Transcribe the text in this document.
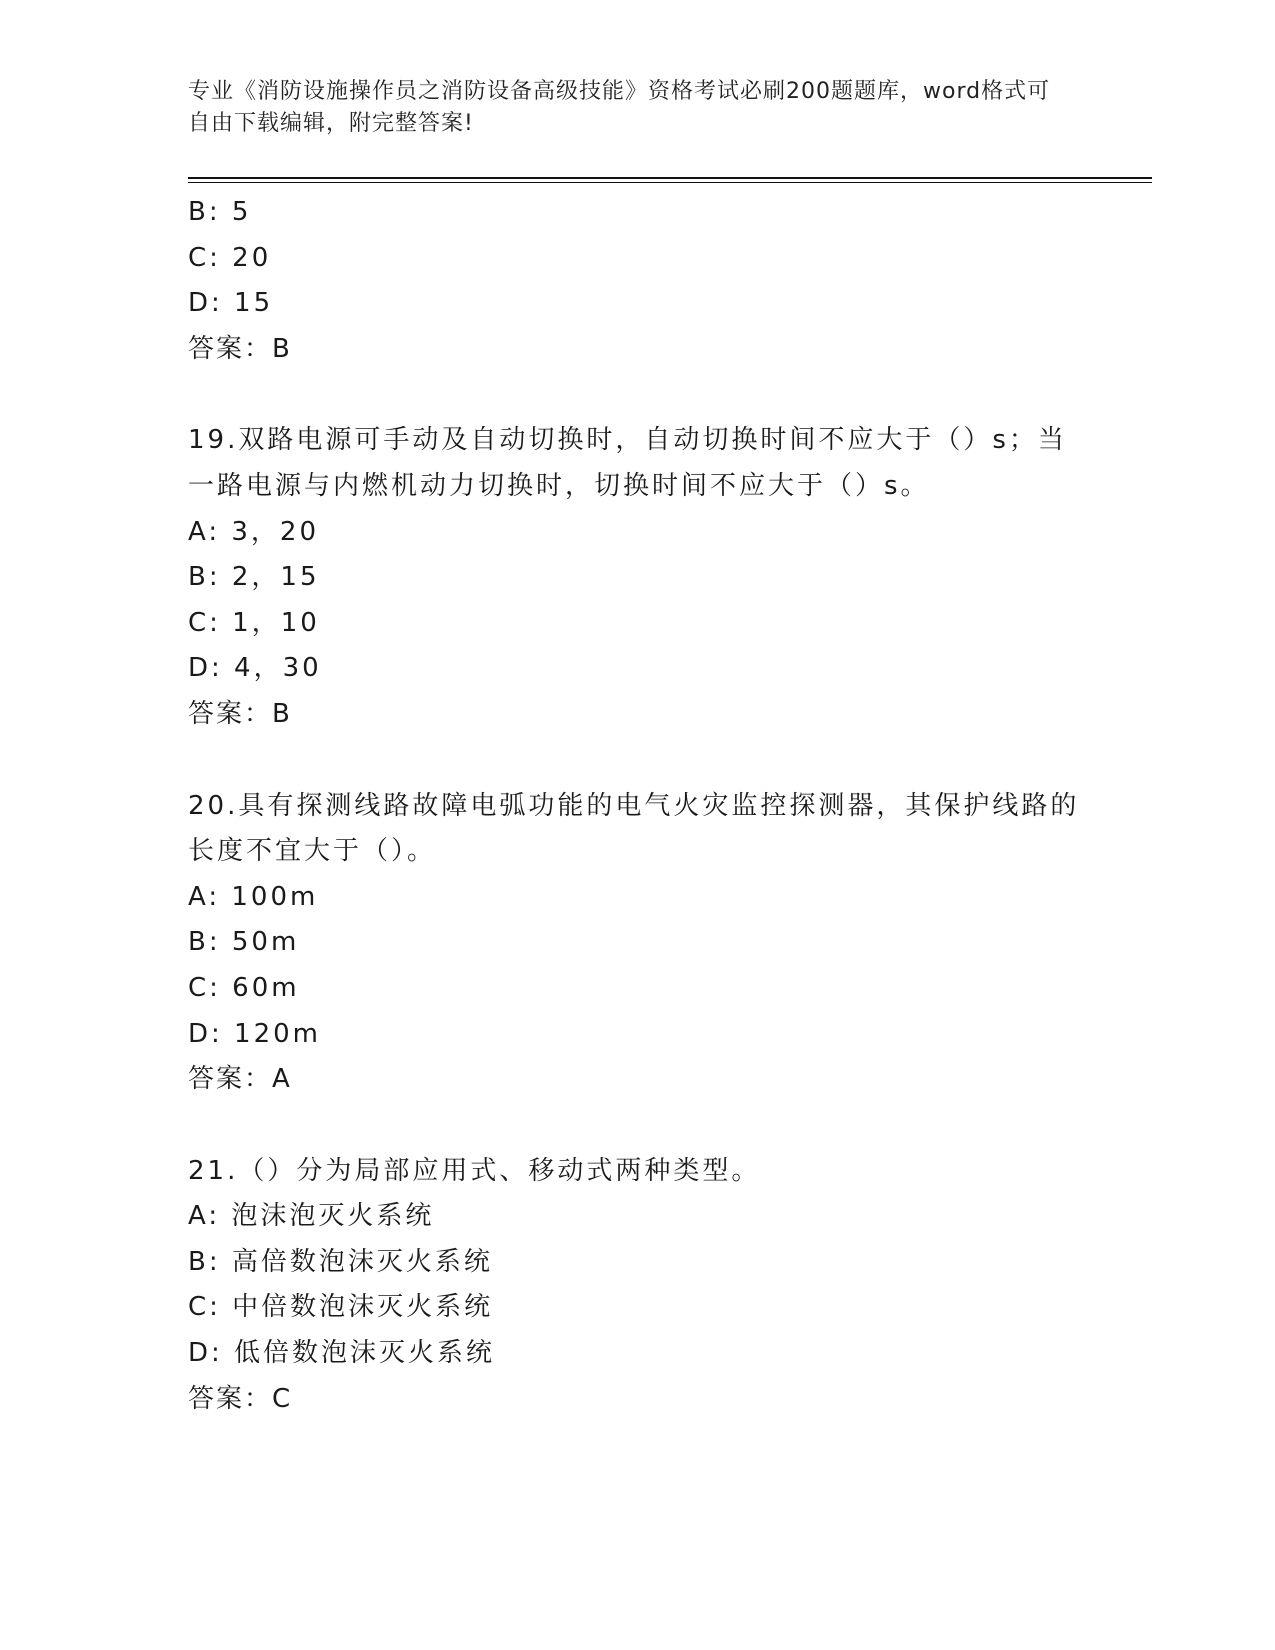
专业《消防设施操作员之消防设备高级技能》资格考试必刷200题题库，word格式可自由下载编辑，附完整答案!
B: 5
C: 20
D: 15
答案：B
19.双路电源可手动及自动切换时，自动切换时间不应大于（）s；当
一路电源与内燃机动力切换时，切换时间不应大于（）s。
A: 3，20
B: 2，15
C: 1，10
D: 4，30
答案：B
20.具有探测线路故障电弧功能的电气火灾监控探测器，其保护线路的
长度不宜大于（）。
A: 100m
B: 50m
C: 60m
D: 120m
答案：A
21.（）分为局部应用式、移动式两种类型。
A: 泡沫泡灭火系统
B: 高倍数泡沫灭火系统
C: 中倍数泡沫灭火系统
D: 低倍数泡沫灭火系统
答案：C
